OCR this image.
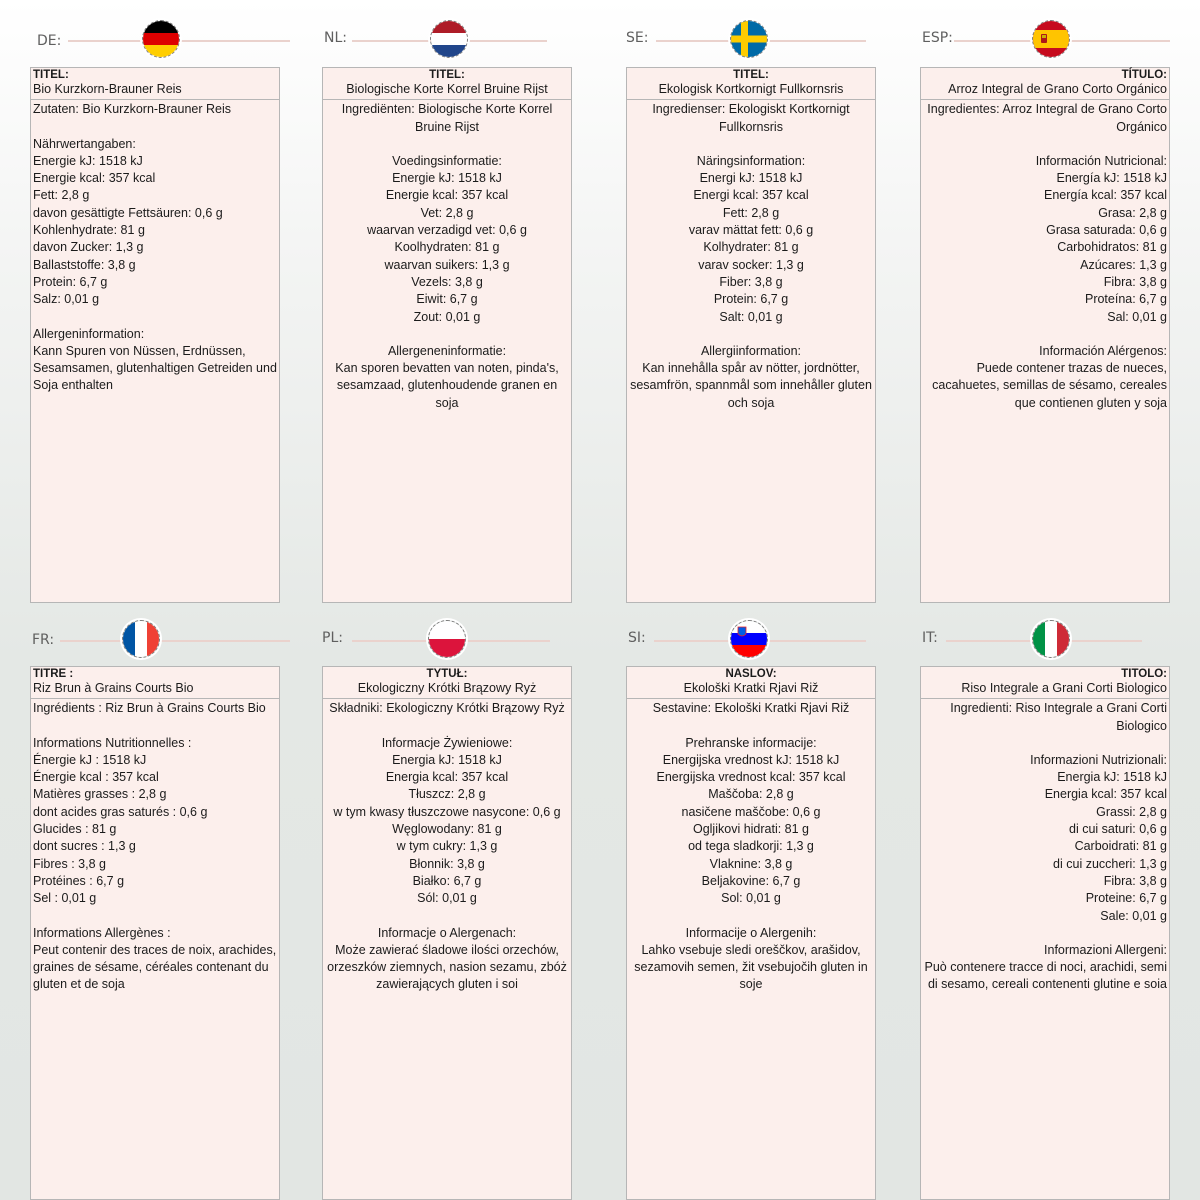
DE:
TITEL:
Bio Kurzkorn-Brauner Reis

Zutaten: Bio Kurzkorn-Brauner Reis

Nährwertangaben:

Energie kJ: 1518 kJ

Energie kcal: 357 kcal

Fett: 2,8 g

davon gesättigte Fettsäuren: 0,6 g

Kohlenhydrate: 81 g

davon Zucker: 1,3 g

Ballaststoffe: 3,8 g

Protein: 6,7 g

Salz: 0,01 g

Allergeninformation:

Kann Spuren von Nüssen, Erdnüssen, Sesamsamen, glutenhaltigen Getreiden und Soja enthalten

NL:
TITEL:
Biologische Korte Korrel Bruine Rijst

Ingrediënten: Biologische Korte Korrel Bruine Rijst

Voedingsinformatie:

Energie kJ: 1518 kJ

Energie kcal: 357 kcal

Vet: 2,8 g

waarvan verzadigd vet: 0,6 g

Koolhydraten: 81 g

waarvan suikers: 1,3 g

Vezels: 3,8 g

Eiwit: 6,7 g

Zout: 0,01 g

Allergeneninformatie:

Kan sporen bevatten van noten, pinda's, sesamzaad, glutenhoudende granen en soja

SE:
TITEL:
Ekologisk Kortkornigt Fullkornsris

Ingredienser: Ekologiskt Kortkornigt Fullkornsris

Näringsinformation:

Energi kJ: 1518 kJ

Energi kcal: 357 kcal

Fett: 2,8 g

varav mättat fett: 0,6 g

Kolhydrater: 81 g

varav socker: 1,3 g

Fiber: 3,8 g

Protein: 6,7 g

Salt: 0,01 g

Allergiinformation:

Kan innehålla spår av nötter, jordnötter, sesamfrön, spannmål som innehåller gluten och soja

ESP:
TÍTULO:
Arroz Integral de Grano Corto Orgánico

Ingredientes: Arroz Integral de Grano Corto Orgánico

Información Nutricional:

Energía kJ: 1518 kJ

Energía kcal: 357 kcal

Grasa: 2,8 g

Grasa saturada: 0,6 g

Carbohidratos: 81 g

Azúcares: 1,3 g

Fibra: 3,8 g

Proteína: 6,7 g

Sal: 0,01 g

Información Alérgenos:

Puede contener trazas de nueces, cacahuetes, semillas de sésamo, cereales que contienen gluten y soja

FR:
TITRE :
Riz Brun à Grains Courts Bio

Ingrédients : Riz Brun à Grains Courts Bio

Informations Nutritionnelles :

Énergie kJ : 1518 kJ

Énergie kcal : 357 kcal

Matières grasses : 2,8 g

dont acides gras saturés : 0,6 g

Glucides : 81 g

dont sucres : 1,3 g

Fibres : 3,8 g

Protéines : 6,7 g

Sel : 0,01 g

Informations Allergènes :

Peut contenir des traces de noix, arachides, graines de sésame, céréales contenant du gluten et de soja

PL:
TYTUŁ:
Ekologiczny Krótki Brązowy Ryż

Składniki: Ekologiczny Krótki Brązowy Ryż

Informacje Żywieniowe:

Energia kJ: 1518 kJ

Energia kcal: 357 kcal

Tłuszcz: 2,8 g

w tym kwasy tłuszczowe nasycone: 0,6 g

Węglowodany: 81 g

w tym cukry: 1,3 g

Błonnik: 3,8 g

Białko: 6,7 g

Sól: 0,01 g

Informacje o Alergenach:

Może zawierać śladowe ilości orzechów, orzeszków ziemnych, nasion sezamu, zbóż zawierających gluten i soi

SI:
NASLOV:
Ekološki Kratki Rjavi Riž

Sestavine: Ekološki Kratki Rjavi Riž

Prehranske informacije:

Energijska vrednost kJ: 1518 kJ

Energijska vrednost kcal: 357 kcal

Maščoba: 2,8 g

nasičene maščobe: 0,6 g

Ogljikovi hidrati: 81 g

od tega sladkorji: 1,3 g

Vlaknine: 3,8 g

Beljakovine: 6,7 g

Sol: 0,01 g

Informacije o Alergenih:

Lahko vsebuje sledi oreščkov, arašidov, sezamovih semen, žit vsebujočih gluten in soje

IT:
TITOLO:
Riso Integrale a Grani Corti Biologico

Ingredienti: Riso Integrale a Grani Corti Biologico

Informazioni Nutrizionali:

Energia kJ: 1518 kJ

Energia kcal: 357 kcal

Grassi: 2,8 g

di cui saturi: 0,6 g

Carboidrati: 81 g

di cui zuccheri: 1,3 g

Fibra: 3,8 g

Proteine: 6,7 g

Sale: 0,01 g

Informazioni Allergeni:

Può contenere tracce di noci, arachidi, semi di sesamo, cereali contenenti glutine e soia
